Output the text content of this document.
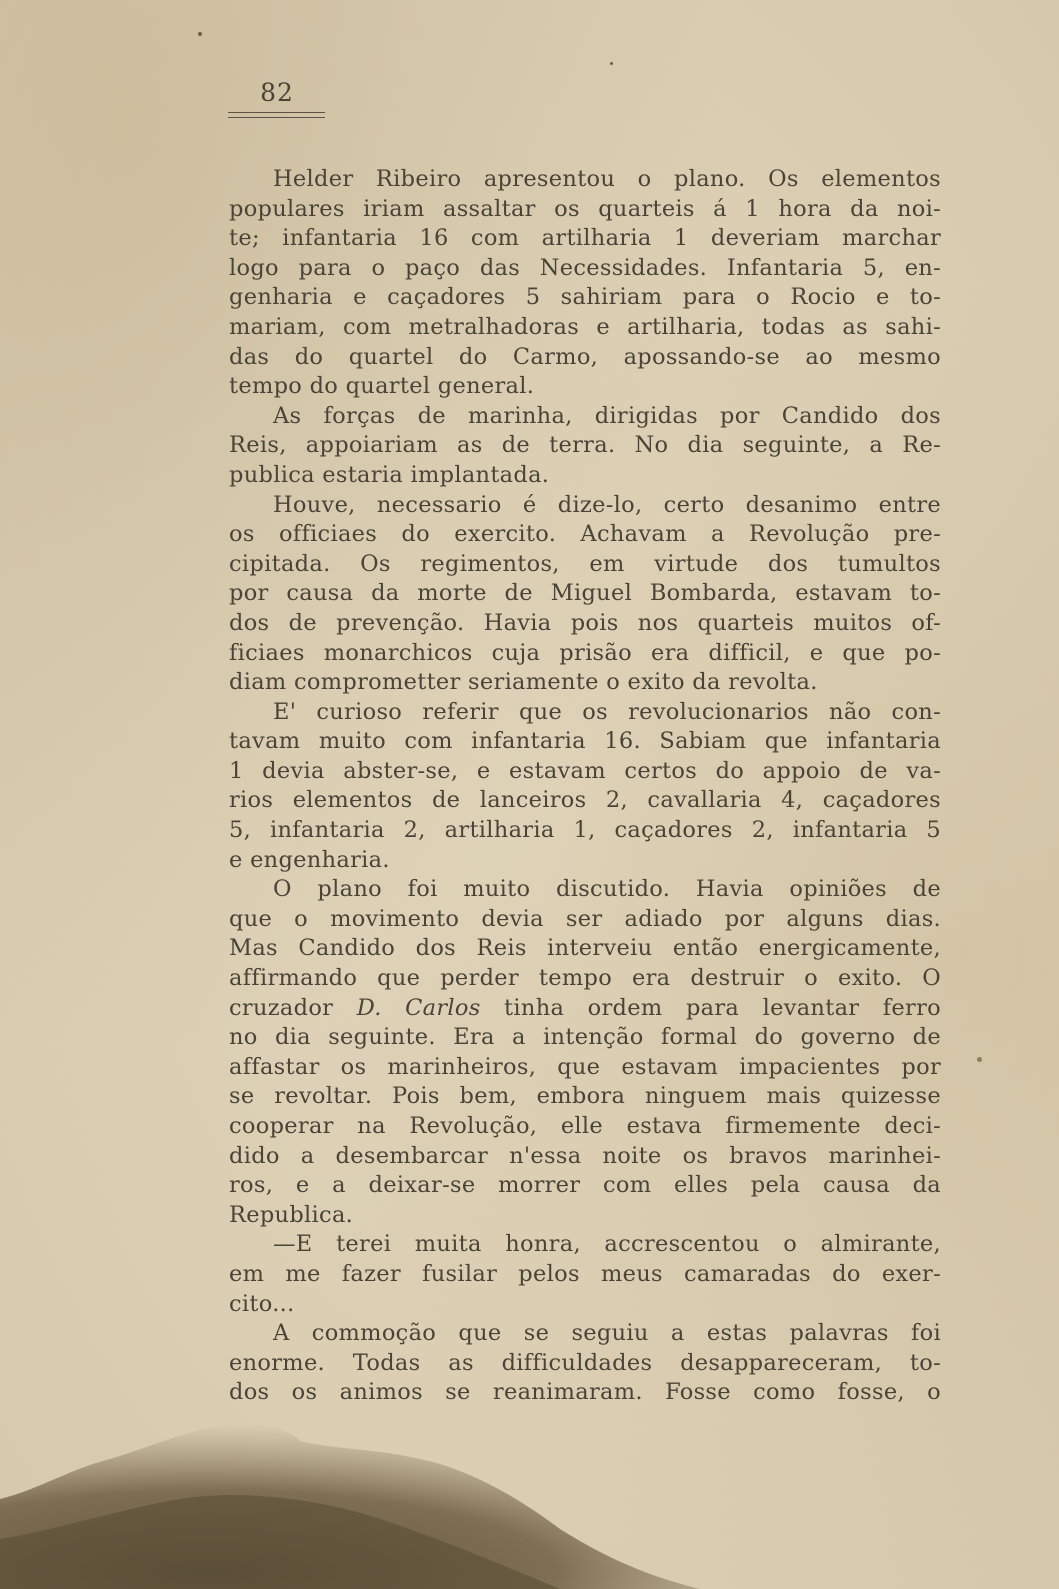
82
Helder Ribeiro apresentou o plano. Os elementos
populares iriam assaltar os quarteis á 1 hora da noi-
te; infantaria 16 com artilharia 1 deveriam marchar
logo para o paço das Necessidades. Infantaria 5, en-
genharia e caçadores 5 sahiriam para o Rocio e to-
mariam, com metralhadoras e artilharia, todas as sahi-
das do quartel do Carmo, apossando-se ao mesmo
tempo do quartel general.
As forças de marinha, dirigidas por Candido dos
Reis, appoiariam as de terra. No dia seguinte, a Re-
publica estaria implantada.
Houve, necessario é dize-lo, certo desanimo entre
os officiaes do exercito. Achavam a Revolução pre-
cipitada. Os regimentos, em virtude dos tumultos
por causa da morte de Miguel Bombarda, estavam to-
dos de prevenção. Havia pois nos quarteis muitos of-
ficiaes monarchicos cuja prisão era difficil, e que po-
diam comprometter seriamente o exito da revolta.
E' curioso referir que os revolucionarios não con-
tavam muito com infantaria 16. Sabiam que infantaria
1 devia abster-se, e estavam certos do appoio de va-
rios elementos de lanceiros 2, cavallaria 4, caçadores
5, infantaria 2, artilharia 1, caçadores 2, infantaria 5
e engenharia.
O plano foi muito discutido. Havia opiniões de
que o movimento devia ser adiado por alguns dias.
Mas Candido dos Reis interveiu então energicamente,
affirmando que perder tempo era destruir o exito. O
cruzador D. Carlos tinha ordem para levantar ferro
no dia seguinte. Era a intenção formal do governo de
affastar os marinheiros, que estavam impacientes por
se revoltar. Pois bem, embora ninguem mais quizesse
cooperar na Revolução, elle estava firmemente deci-
dido a desembarcar n'essa noite os bravos marinhei-
ros, e a deixar-se morrer com elles pela causa da
Republica.
—E terei muita honra, accrescentou o almirante,
em me fazer fusilar pelos meus camaradas do exer-
cito...
A commoção que se seguiu a estas palavras foi
enorme. Todas as difficuldades desappareceram, to-
dos os animos se reanimaram. Fosse como fosse, o
